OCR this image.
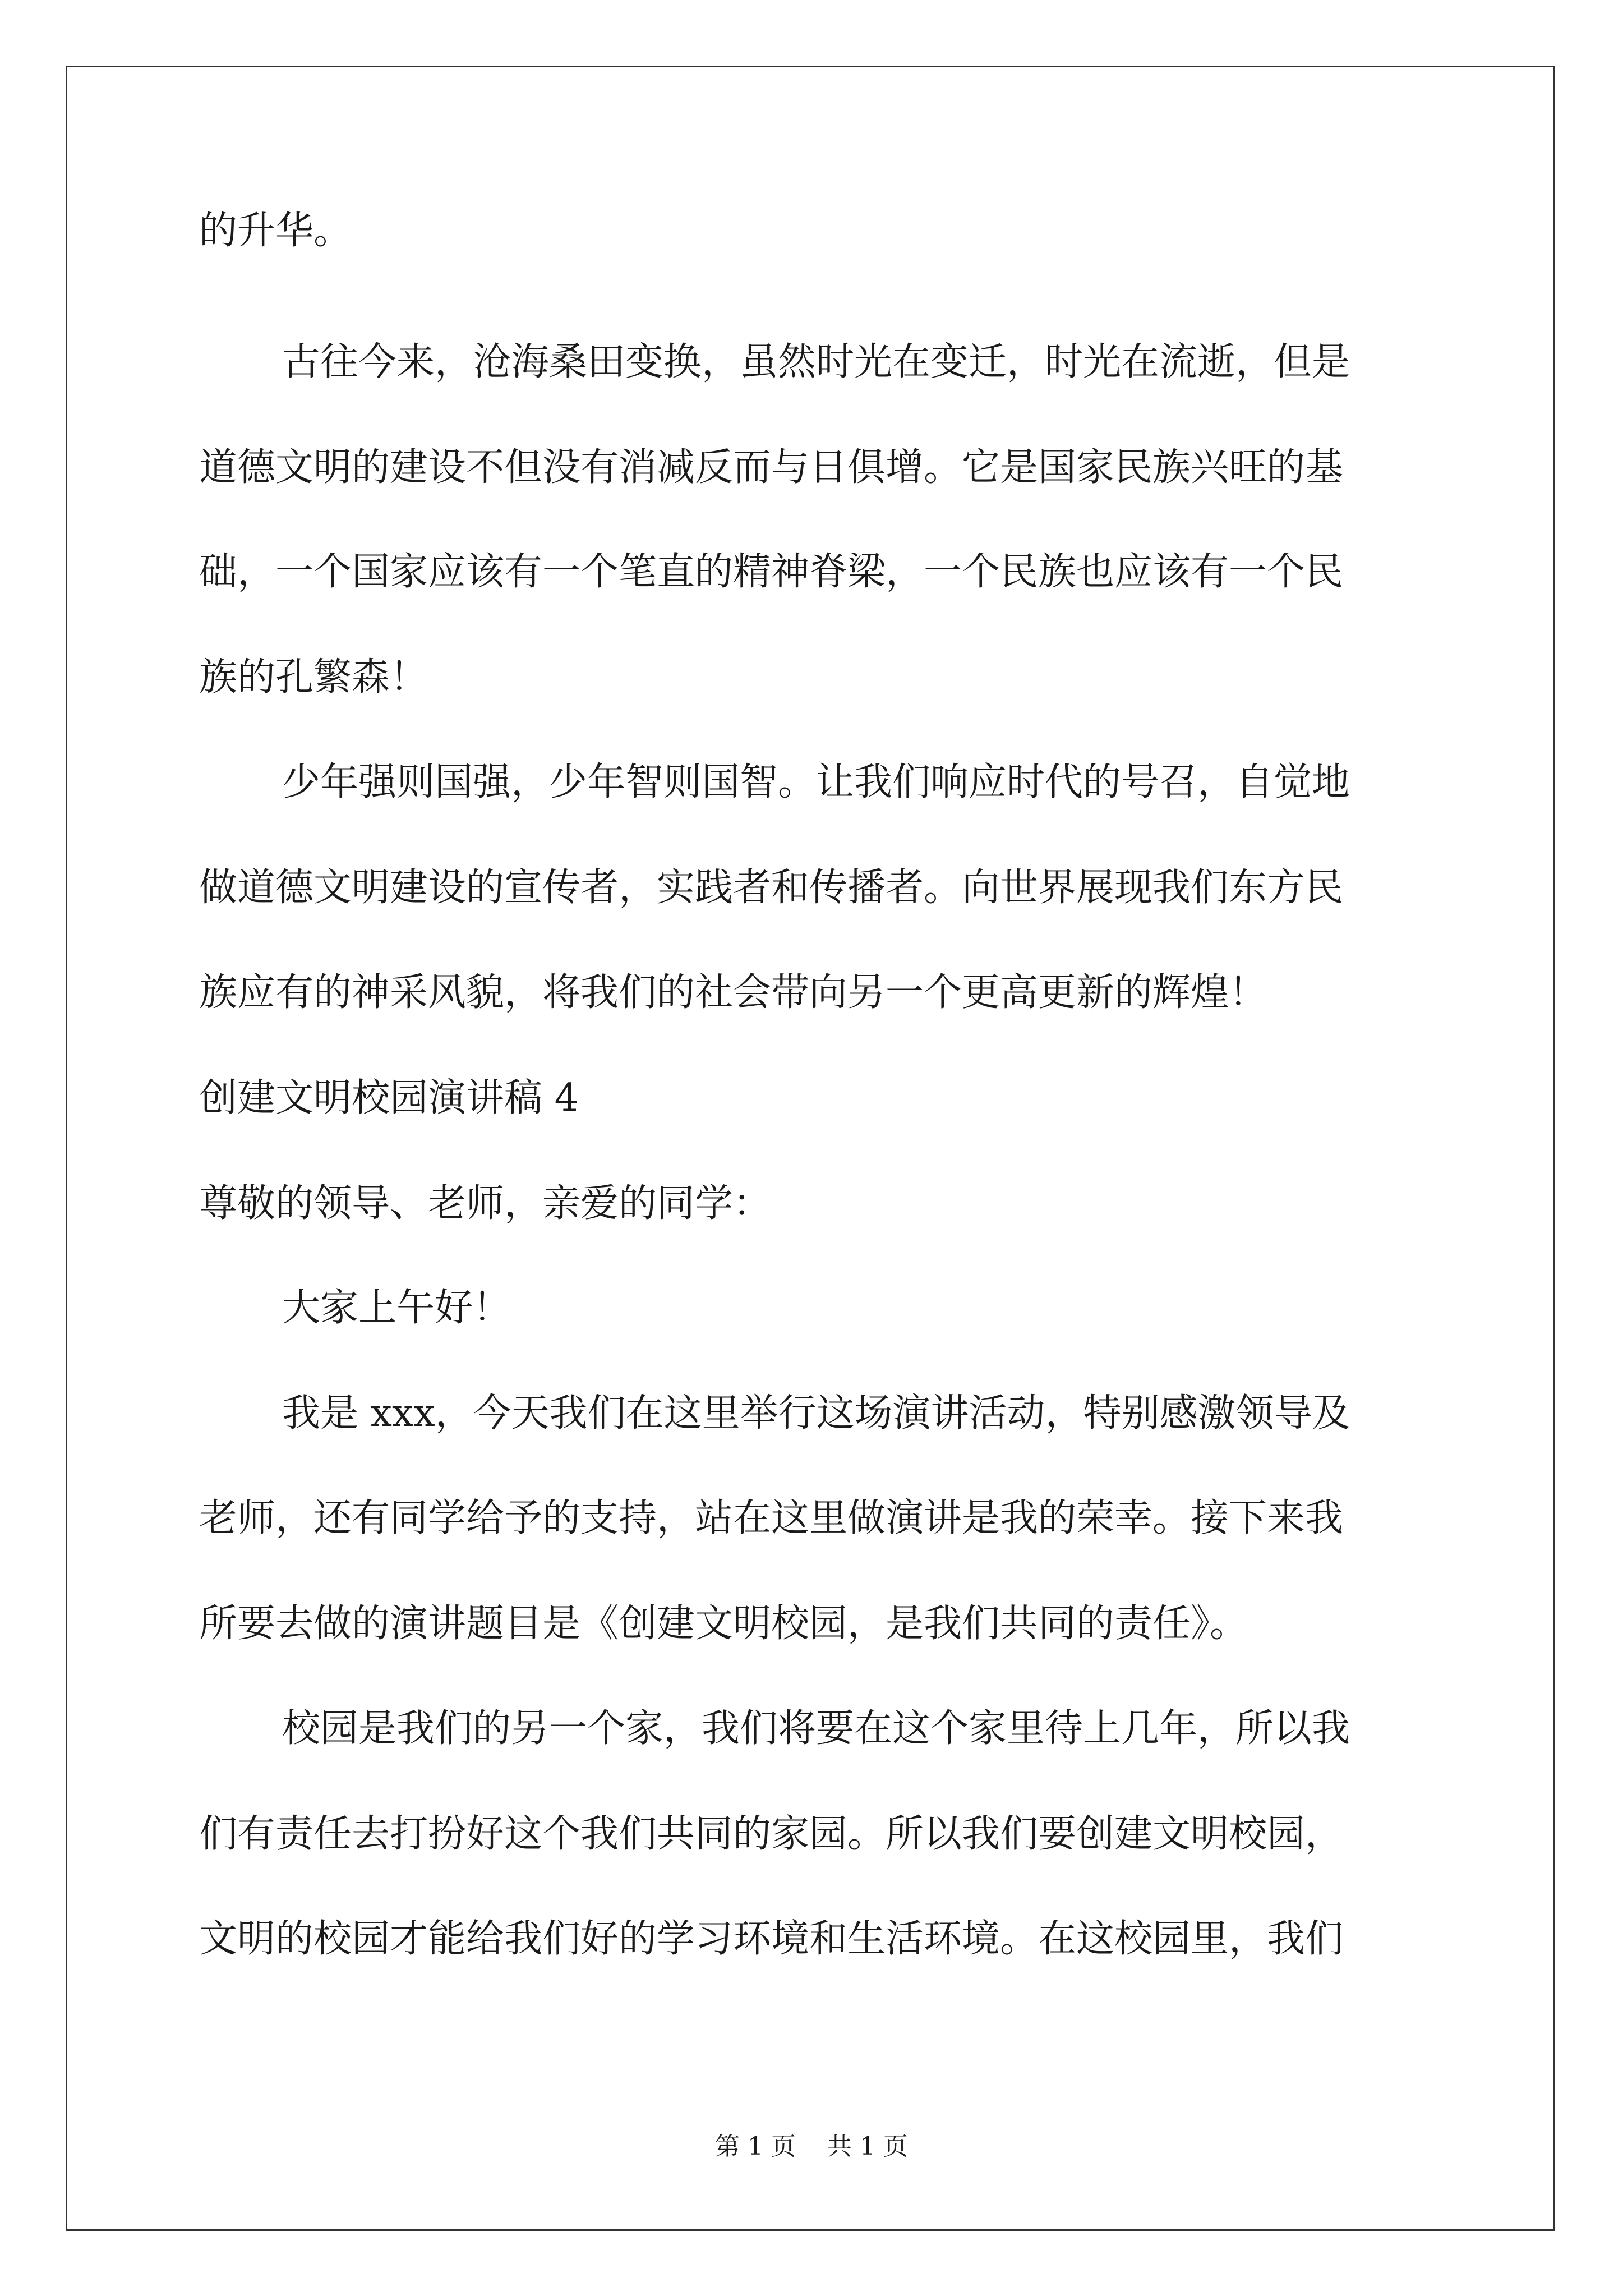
的升华。
古往今来，沧海桑田变换，虽然时光在变迁，时光在流逝，但是
道德文明的建设不但没有消减反而与日俱增。它是国家民族兴旺的基
础，一个国家应该有一个笔直的精神脊梁，一个民族也应该有一个民
族的孔繁森！
少年强则国强，少年智则国智。让我们响应时代的号召，自觉地
做道德文明建设的宣传者，实践者和传播者。向世界展现我们东方民
族应有的神采风貌，将我们的社会带向另一个更高更新的辉煌！
创建文明校园演讲稿 4
尊敬的领导、老师，亲爱的同学：
大家上午好！
我是 xxx，今天我们在这里举行这场演讲活动，特别感激领导及
老师，还有同学给予的支持，站在这里做演讲是我的荣幸。接下来我
所要去做的演讲题目是《创建文明校园，是我们共同的责任》。
校园是我们的另一个家，我们将要在这个家里待上几年，所以我
们有责任去打扮好这个我们共同的家园。所以我们要创建文明校园，
文明的校园才能给我们好的学习环境和生活环境。在这校园里，我们
第 1 页    共 1 页
